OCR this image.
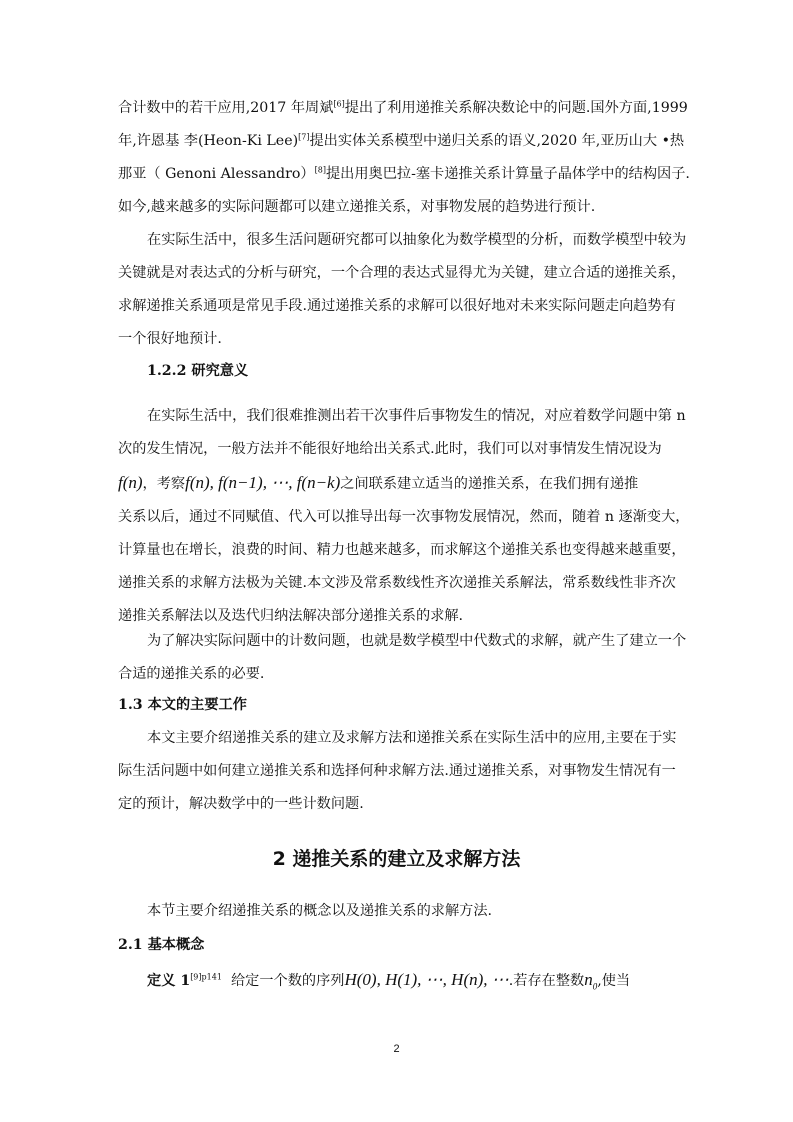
合计数中的若干应用,2017 年周斌[6]提出了利用递推关系解决数论中的问题.国外方面,1999

年,许恩基 李(Heon-Ki Lee)[7]提出实体关系模型中递归关系的语义,2020 年,亚历山大 •热

那亚（ Genoni Alessandro）[8]提出用奥巴拉-塞卡递推关系计算量子晶体学中的结构因子.

如今,越来越多的实际问题都可以建立递推关系，对事物发展的趋势进行预计.

在实际生活中，很多生活问题研究都可以抽象化为数学模型的分析，而数学模型中较为

关键就是对表达式的分析与研究，一个合理的表达式显得尤为关键，建立合适的递推关系，

求解递推关系通项是常见手段.通过递推关系的求解可以很好地对未来实际问题走向趋势有

一个很好地预计.

1.2.2 研究意义

在实际生活中，我们很难推测出若干次事件后事物发生的情况，对应着数学问题中第 n

次的发生情况，一般方法并不能很好地给出关系式.此时，我们可以对事情发生情况设为

f(n)，考察f(n), f(n−1), ⋯, f(n−k)之间联系建立适当的递推关系，在我们拥有递推

关系以后，通过不同赋值、代入可以推导出每一次事物发展情况，然而，随着 n 逐渐变大，

计算量也在增长，浪费的时间、精力也越来越多，而求解这个递推关系也变得越来越重要，

递推关系的求解方法极为关键.本文涉及常系数线性齐次递推关系解法，常系数线性非齐次

递推关系解法以及迭代归纳法解决部分递推关系的求解.

为了解决实际问题中的计数问题，也就是数学模型中代数式的求解，就产生了建立一个

合适的递推关系的必要.

1.3 本文的主要工作

本文主要介绍递推关系的建立及求解方法和递推关系在实际生活中的应用,主要在于实

际生活问题中如何建立递推关系和选择何种求解方法.通过递推关系，对事物发生情况有一

定的预计，解决数学中的一些计数问题.

2 递推关系的建立及求解方法

本节主要介绍递推关系的概念以及递推关系的求解方法.

2.1 基本概念

定义 $1^{[9]p141}$ 给定一个数的序列H(0), H(1), ⋯, H(n), ⋯.若存在整数$n_0$,使当

2
